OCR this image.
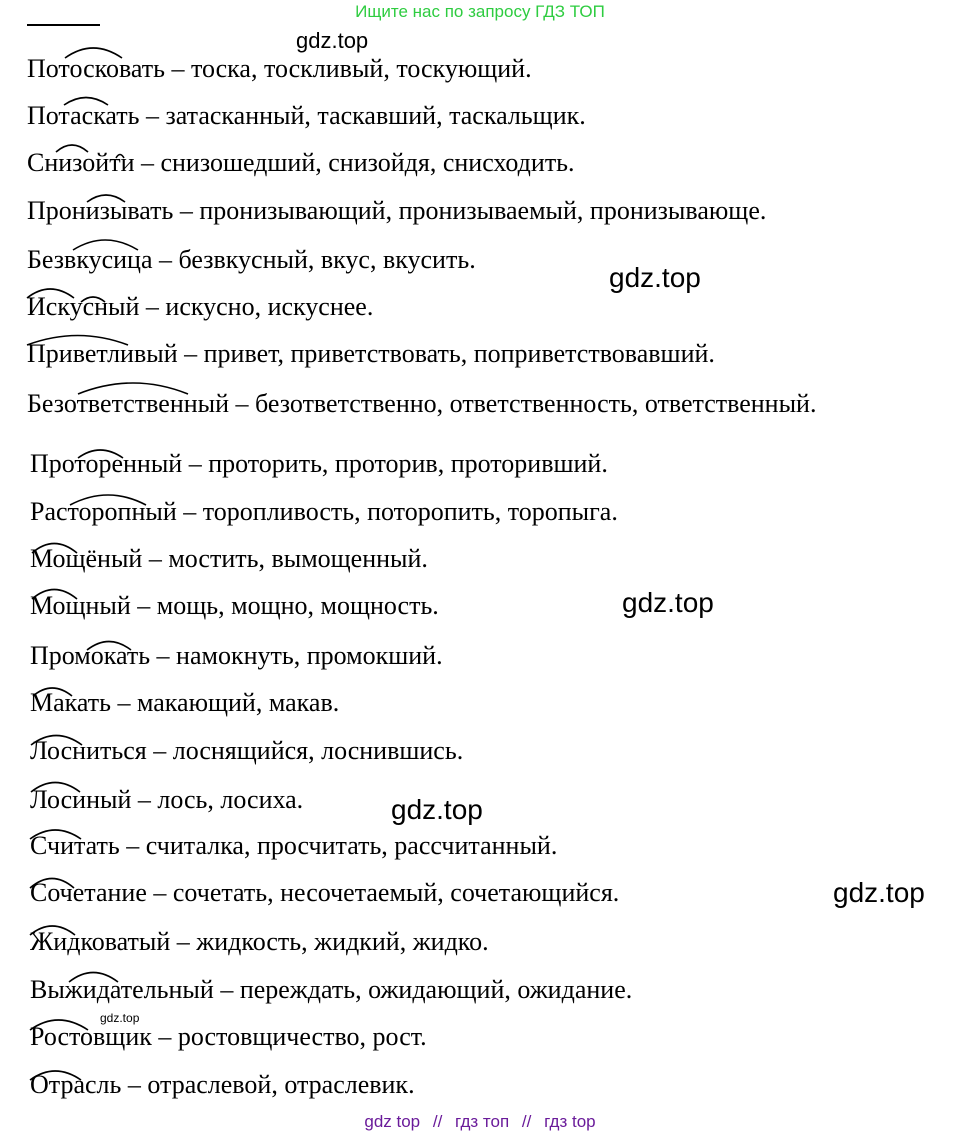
Ищите нас по запросу ГДЗ ТОП
gdz.top
gdz.top
gdz.top
gdz.top
gdz.top
gdz.top
Потосковать – тоска, тоскливый, тоскующий.
Потаскать – затасканный, таскавший, таскальщик.
Снизойти – снизошедший, снизойдя, снисходить.
Пронизывать – пронизывающий, пронизываемый, пронизывающе.
Безвкусица – безвкусный, вкус, вкусить.
Искусный – искусно, искуснее.
Приветливый – привет, приветствовать, поприветствовавший.
Безответственный – безответственно, ответственность, ответственный.
Проторенный – проторить, проторив, проторивший.
Расторопный – торопливость, поторопить, торопыга.
Мощёный – мостить, вымощенный.
Мощный – мощь, мощно, мощность.
Промокать – намокнуть, промокший.
Макать – макающий, макав.
Лосниться – лоснящийся, лоснившись.
Лосиный – лось, лосиха.
Считать – считалка, просчитать, рассчитанный.
Сочетание – сочетать, несочетаемый, сочетающийся.
Жидковатый – жидкость, жидкий, жидко.
Выжидательный – переждать, ожидающий, ожидание.
Ростовщик – ростовщичество, рост.
Отрасль – отраслевой, отраслевик.
gdz top // гдз топ // гдз top
